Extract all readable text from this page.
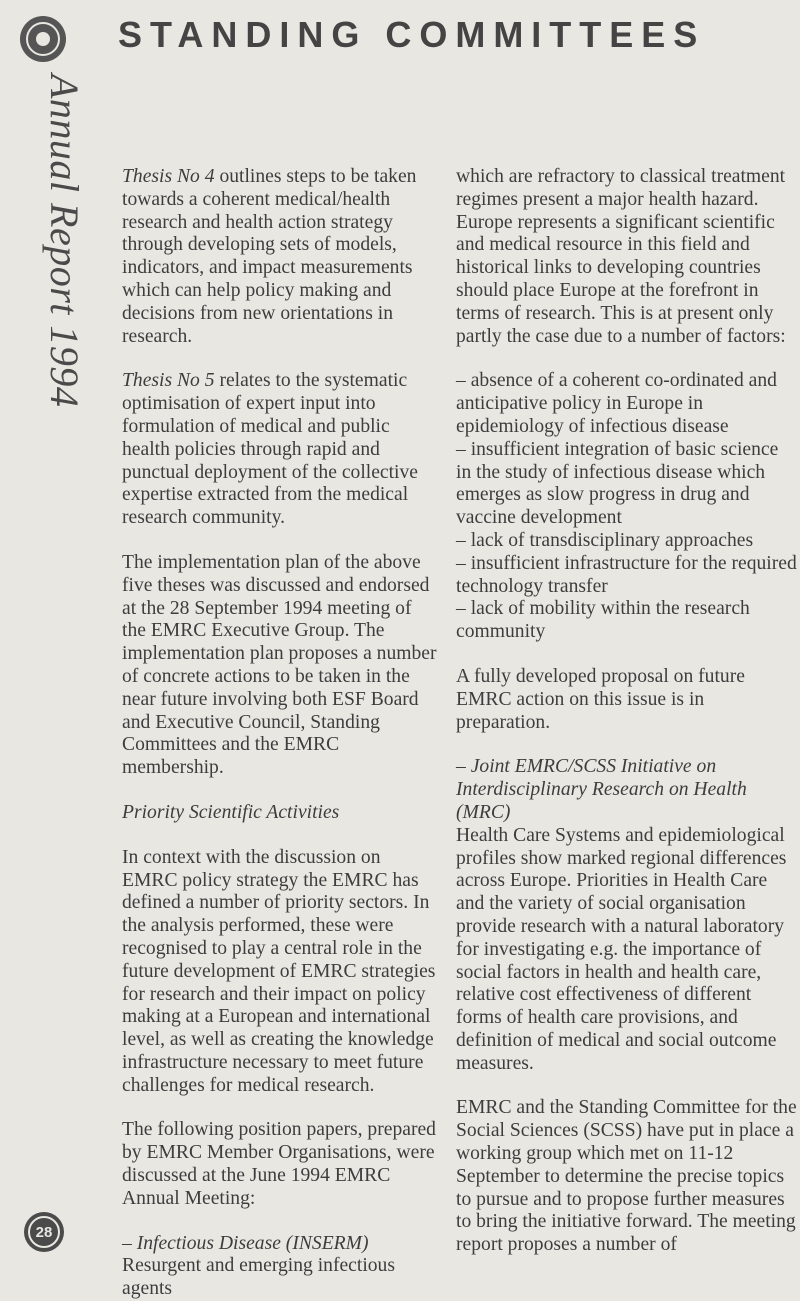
Annual Report 1994
STANDING COMMITTEES

Thesis No 4 outlines steps to be taken towards a coherent medical/health research and health action strategy through developing sets of models, indicators, and impact measurements which can help policy making and decisions from new orientations in research.

Thesis No 5 relates to the systematic optimisation of expert input into formulation of medical and public health policies through rapid and punctual deployment of the collective expertise extracted from the medical research community.

The implementation plan of the above five theses was discussed and endorsed at the 28 September 1994 meeting of the EMRC Executive Group. The implementation plan proposes a number of concrete actions to be taken in the near future involving both ESF Board and Executive Council, Standing Committees and the EMRC membership.

Priority Scientific Activities

In context with the discussion on EMRC policy strategy the EMRC has defined a number of priority sectors. In the analysis performed, these were recognised to play a central role in the future development of EMRC strategies for research and their impact on policy making at a European and international level, as well as creating the knowledge infrastructure necessary to meet future challenges for medical research.

The following position papers, prepared by EMRC Member Organisations, were discussed at the June 1994 EMRC Annual Meeting:

– Infectious Disease (INSERM)

Resurgent and emerging infectious agents

which are refractory to classical treatment regimes present a major health hazard. Europe represents a significant scientific and medical resource in this field and historical links to developing countries should place Europe at the forefront in terms of research. This is at present only partly the case due to a number of factors:

– absence of a coherent co-ordinated and anticipative policy in Europe in epidemiology of infectious disease
– insufficient integration of basic science in the study of infectious disease which emerges as slow progress in drug and vaccine development
– lack of transdisciplinary approaches
– insufficient infrastructure for the required technology transfer
– lack of mobility within the research community

A fully developed proposal on future EMRC action on this issue is in preparation.

– Joint EMRC/SCSS Initiative on Interdisciplinary Research on Health (MRC)

Health Care Systems and epidemiological profiles show marked regional differences across Europe. Priorities in Health Care and the variety of social organisation provide research with a natural laboratory for investigating e.g. the importance of social factors in health and health care, relative cost effectiveness of different forms of health care provisions, and definition of medical and social outcome measures.

EMRC and the Standing Committee for the Social Sciences (SCSS) have put in place a working group which met on 11-12 September to determine the precise topics to pursue and to propose further measures to bring the initiative forward. The meeting report proposes a number of

28
